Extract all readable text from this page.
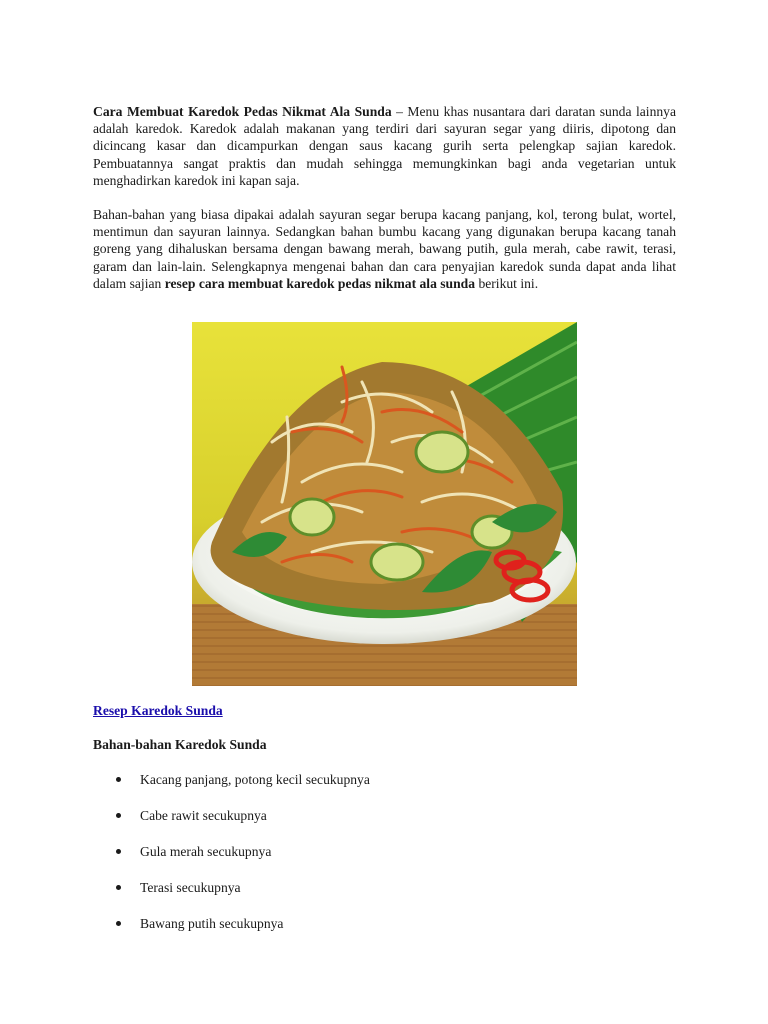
Cara Membuat Karedok Pedas Nikmat Ala Sunda – Menu khas nusantara dari daratan sunda lainnya adalah karedok. Karedok adalah makanan yang terdiri dari sayuran segar yang diiris, dipotong dan dicincang kasar dan dicampurkan dengan saus kacang gurih serta pelengkap sajian karedok. Pembuatannya sangat praktis dan mudah sehingga memungkinkan bagi anda vegetarian untuk menghadirkan karedok ini kapan saja.

Bahan-bahan yang biasa dipakai adalah sayuran segar berupa kacang panjang, kol, terong bulat, wortel, mentimun dan sayuran lainnya. Sedangkan bahan bumbu kacang yang digunakan berupa kacang tanah goreng yang dihaluskan bersama dengan bawang merah, bawang putih, gula merah, cabe rawit, terasi, garam dan lain-lain. Selengkapnya mengenai bahan dan cara penyajian karedok sunda dapat anda lihat dalam sajian resep cara membuat karedok pedas nikmat ala sunda berikut ini.

Resep Karedok Sunda
Bahan-bahan Karedok Sunda
Kacang panjang, potong kecil secukupnya
Cabe rawit secukupnya
Gula merah secukupnya
Terasi secukupnya
Bawang putih secukupnya
